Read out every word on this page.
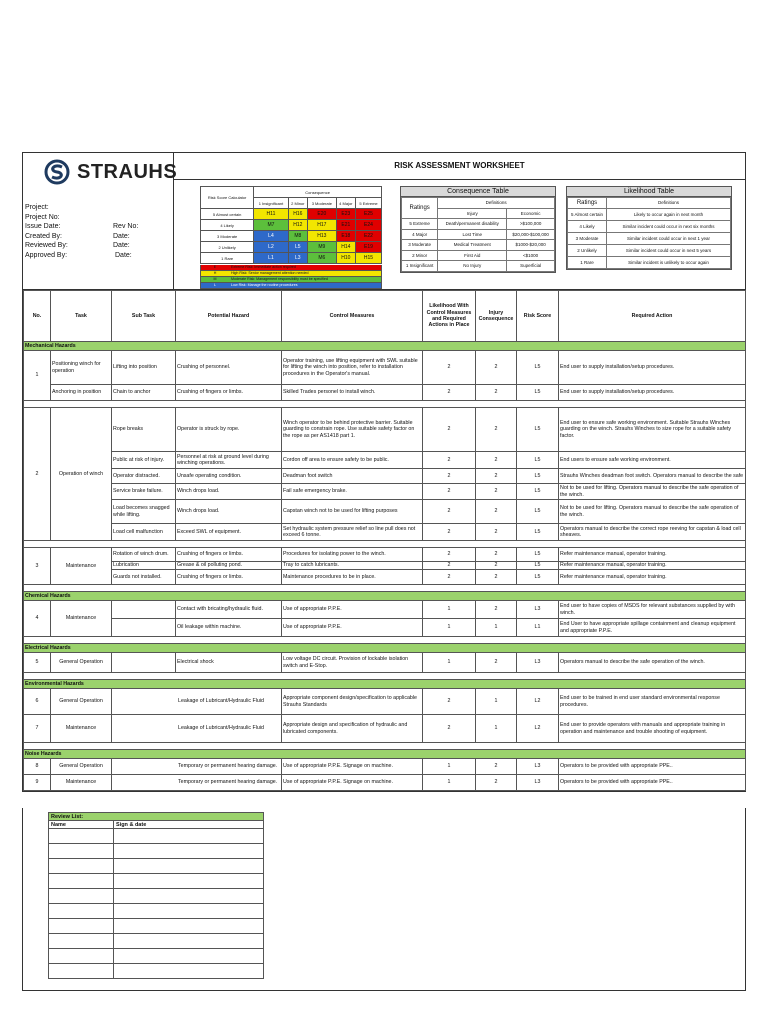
STRAUHS
Project:
Project No:
Issue Date:	Rev No:
Created By:	Date:
Reviewed By:	Date:
Approved By:	Date:
RISK ASSESSMENT WORKSHEET
Risk Score Calculator	Consequence				
	1 Insignificant	2 Minor	3 Moderate	4 Major	5 Extreme
5 Almost certain	H11	H16	E20	E23	E25
4 Likely	M7	H12	H17	E21	E24
3 Moderate	L4	M8	H13	E18	E22
2 Unlikely	L2	L5	M9	H14	E19
1 Rare	L1	L3	M6	H10	H15
E	Extreme Risk: Immediate action required
H	High Risk: Senior management attention needed
M	Moderate Risk: Management responsibility must be specified
L	Low Risk: Manage the routine procedures
Consequence Table
Ratings	Definitions	
	Injury	Economic
5 Extreme	Death/permanent disability	>$100,000
4 Major	Lost Time	$20,000-$100,000
3 Moderate	Medical Treatment	$1000-$20,000
2 Minor	First Aid	<$1000
1 Insignificant	No Injury	Superficial
Likelihood Table
Ratings	Definitions
5 Almost certain	Likely to occur again in next month
4 Likely	Similar incident could occur in next six months
3 Moderate	Similar incident could occur in next 1 year
2 Unlikely	Similar incident could occur in next 5 years
1 Rare	Similar incident is unlikely to occur again
No.	Task	Sub Task	Potential Hazard	Control Measures	Likelihood With Control Measures and Required Actions in Place	Injury Consequence	Risk Score	Required Action
Mechanical Hazards								
1	Positioning winch for operation	Lifting into position	Crushing of personnel.	Operator training, use lifting equipment with SWL suitable for lifting the winch into position, refer to installation procedures in the Operator's manual.	2	2	L5	End user to supply installation/setup procedures.
	Anchoring in position	Chain to anchor	Crushing of fingers or limbs.	Skilled Trades personel to install winch.	2	2	L5	End user to supply installation/setup procedures.

2	Operation of winch	Rope breaks	Operator is struck by rope.	Winch operator to be behind protective barrier. Suitable guarding to constrain rope. Use suitable safety factor on the rope as per AS1418 part 1.	2	2	L5	End user to ensure safe working environment. Suitable Strauhs Winches guarding on the winch. Strauhs Winches to size rope for a suitable safety factor.
		Public at risk of injury.	Personnel at risk at ground level during winching operations.	Cordon off area to ensure safety to be public.	2	2	L5	End users to ensure safe working environment.
		Operator distracted.	Unsafe operating condition.	Deadman foot switch	2	2	L5	Strauhs Winches deadman foot switch. Operators manual to describe the safe
		Service brake failure.	Winch drops load.	Fail safe emergency brake.	2	2	L5	Not to be used for lifting. Operators manual to describe the safe operation of the winch.
		Load becomes snagged while lifting.	Winch drops load.	Capstan winch not to be used for lifting purposes	2	2	L5	Not to be used for lifting. Operators manual to describe the safe operation of the winch.
		Load cell malfunction	Exceed SWL of equipment.	Set hydraulic system pressure relief so line pull does not exceed 6 tonne.	2	2	L5	Operators manual to describe the correct rope reeving for capstan & load cell sheaves.

3	Maintenance	Rotation of winch drum.	Crushing of fingers or limbs.	Procedures for isolating power to the winch.	2	2	L5	Refer maintenance manual, operator training.
		Lubrication	Grease & oil polluting pond.	Tray to catch lubricants.	2	2	L5	Refer maintenance manual, operator training.
		Guards not installed.	Crushing of fingers or limbs.	Maintenance procedures to be in place.	2	2	L5	Refer maintenance manual, operator training.

Chemical Hazards								
4	Maintenance		Contact with bricating/hydraulic fluid.	Use of appropriate P.P.E.	1	2	L3	End user to have copies of MSDS for relevant substances supplied by with winch.
			Oil leakage within machine.	Use of appropriate P.P.E.	1	1	L1	End User to have appropriate spillage containment and cleanup equipment and appropriate P.P.E.

Electrical Hazards								
5	General Operation		Electrical shock	Low voltage DC circuit. Provision of lockable isolation switch and E-Stop.	1	2	L3	Operators manual to describe the safe operation of the winch.

Environmental Hazards								
6	General Operation	Leakage of Lubricant/Hydraulic Fluid		Appropriate component design/specification to applicable Strauhs Standards	2	1	L2	End user to be trained in end user standard environmental response procedures.
7	Maintenance	Leakage of Lubricant/Hydraulic Fluid		Appropriate design and specification of hydraulic and lubricated components.	2	1	L2	End user to provide operators with manuals and appropriate training in operation and maintenance and trouble shooting of equipment.

Noise Hazards								
8	General Operation	Temporary or permanent hearing damage.		Use of appropriate P.P.E. Signage on machine.	1	2	L3	Operators to be provided with appropriate PPE..
9	Maintenance	Temporary or permanent hearing damage.		Use of appropriate P.P.E. Signage on machine.	1	2	L3	Operators to be provided with appropriate PPE..
Review List:	
Name	Sign & date
